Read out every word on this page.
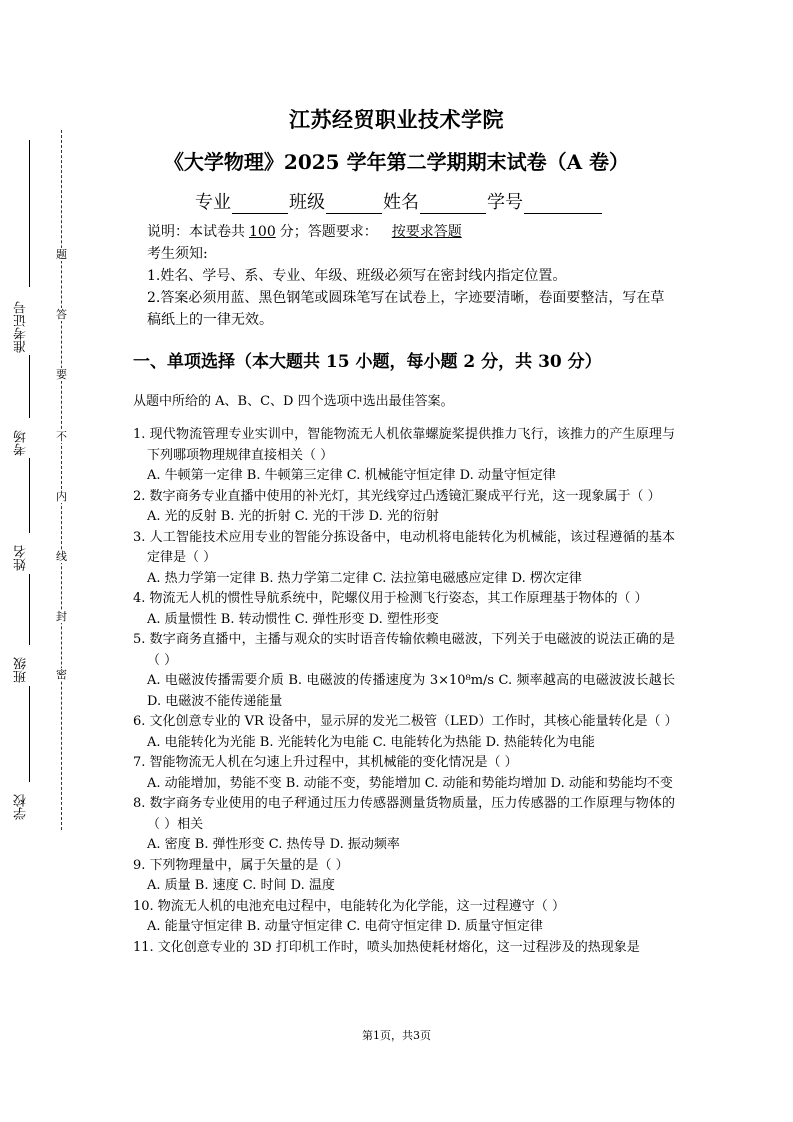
题
答
要
不
内
线
封
密
准考证号
考场
姓名
班级
学校
江苏经贸职业技术学院
《大学物理》2025 学年第二学期期末试卷（A 卷）
专业	班级	姓名	学号
说明：本试卷共 100 分；答题要求： 按要求答题

考生须知:

1.姓名、学号、系、专业、年级、班级必须写在密封线内指定位置。

2.答案必须用蓝、黑色钢笔或圆珠笔写在试卷上，字迹要清晰，卷面要整洁，写在草稿纸上的一律无效。

一、单项选择（本大题共 15 小题，每小题 2 分，共 30 分）
从题中所给的 A、B、C、D 四个选项中选出最佳答案。

1. 现代物流管理专业实训中，智能物流无人机依靠螺旋桨提供推力飞行，该推力的产生原理与下列哪项物理规律直接相关（ ）

A. 牛顿第一定律 B. 牛顿第三定律 C. 机械能守恒定律 D. 动量守恒定律

2. 数字商务专业直播中使用的补光灯，其光线穿过凸透镜汇聚成平行光，这一现象属于（ ）

A. 光的反射 B. 光的折射 C. 光的干涉 D. 光的衍射

3. 人工智能技术应用专业的智能分拣设备中，电动机将电能转化为机械能，该过程遵循的基本定律是（ ）

A. 热力学第一定律 B. 热力学第二定律 C. 法拉第电磁感应定律 D. 楞次定律

4. 物流无人机的惯性导航系统中，陀螺仪用于检测飞行姿态，其工作原理基于物体的（ ）

A. 质量惯性 B. 转动惯性 C. 弹性形变 D. 塑性形变

5. 数字商务直播中，主播与观众的实时语音传输依赖电磁波，下列关于电磁波的说法正确的是（ ）

A. 电磁波传播需要介质 B. 电磁波的传播速度为 3×10⁸m/s C. 频率越高的电磁波波长越长 D. 电磁波不能传递能量

6. 文化创意专业的 VR 设备中，显示屏的发光二极管（LED）工作时，其核心能量转化是（ ）

A. 电能转化为光能 B. 光能转化为电能 C. 电能转化为热能 D. 热能转化为电能

7. 智能物流无人机在匀速上升过程中，其机械能的变化情况是（ ）

A. 动能增加，势能不变 B. 动能不变，势能增加 C. 动能和势能均增加 D. 动能和势能均不变

8. 数字商务专业使用的电子秤通过压力传感器测量货物质量，压力传感器的工作原理与物体的（ ）相关

A. 密度 B. 弹性形变 C. 热传导 D. 振动频率

9. 下列物理量中，属于矢量的是（ ）

A. 质量 B. 速度 C. 时间 D. 温度

10. 物流无人机的电池充电过程中，电能转化为化学能，这一过程遵守（ ）

A. 能量守恒定律 B. 动量守恒定律 C. 电荷守恒定律 D. 质量守恒定律

11. 文化创意专业的 3D 打印机工作时，喷头加热使耗材熔化，这一过程涉及的热现象是

第1页，共3页
